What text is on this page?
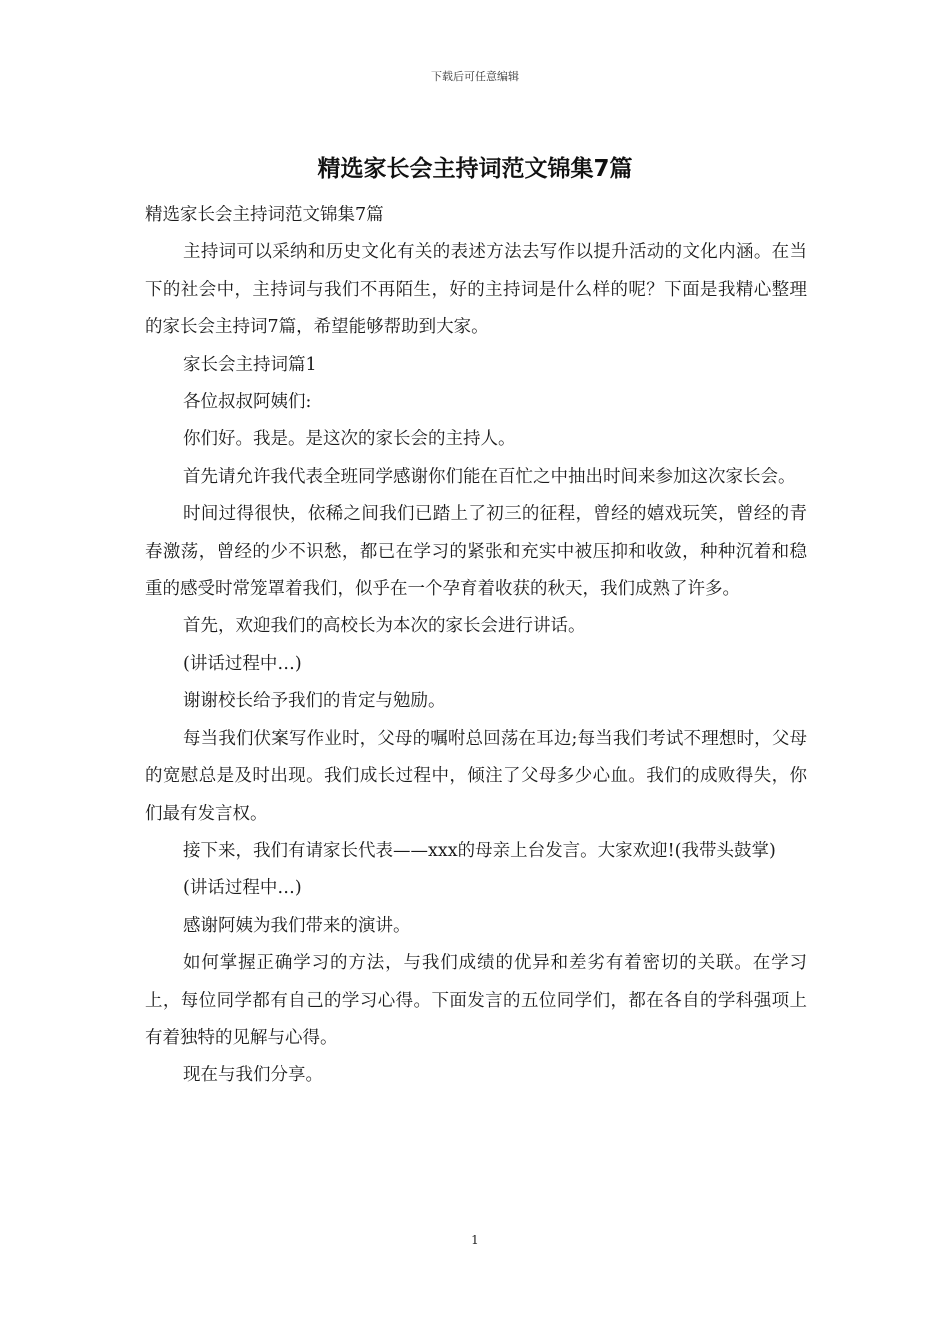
下载后可任意编辑
精选家长会主持词范文锦集7篇

精选家长会主持词范文锦集7篇

主持词可以采纳和历史文化有关的表述方法去写作以提升活动的文化内涵。在当下的社会中，主持词与我们不再陌生，好的主持词是什么样的呢？下面是我精心整理的家长会主持词7篇，希望能够帮助到大家。

家长会主持词篇1

各位叔叔阿姨们:

你们好。我是。是这次的家长会的主持人。

首先请允许我代表全班同学感谢你们能在百忙之中抽出时间来参加这次家长会。

时间过得很快，依稀之间我们已踏上了初三的征程，曾经的嬉戏玩笑，曾经的青春激荡，曾经的少不识愁，都已在学习的紧张和充实中被压抑和收敛，种种沉着和稳重的感受时常笼罩着我们，似乎在一个孕育着收获的秋天，我们成熟了许多。

首先，欢迎我们的高校长为本次的家长会进行讲话。

(讲话过程中…)

谢谢校长给予我们的肯定与勉励。

每当我们伏案写作业时，父母的嘱咐总回荡在耳边;每当我们考试不理想时，父母的宽慰总是及时出现。我们成长过程中，倾注了父母多少心血。我们的成败得失，你们最有发言权。

接下来，我们有请家长代表——xxx的母亲上台发言。大家欢迎!(我带头鼓掌)

(讲话过程中…)

感谢阿姨为我们带来的演讲。

如何掌握正确学习的方法，与我们成绩的优异和差劣有着密切的关联。在学习上，每位同学都有自己的学习心得。下面发言的五位同学们，都在各自的学科强项上有着独特的见解与心得。

现在与我们分享。

1
